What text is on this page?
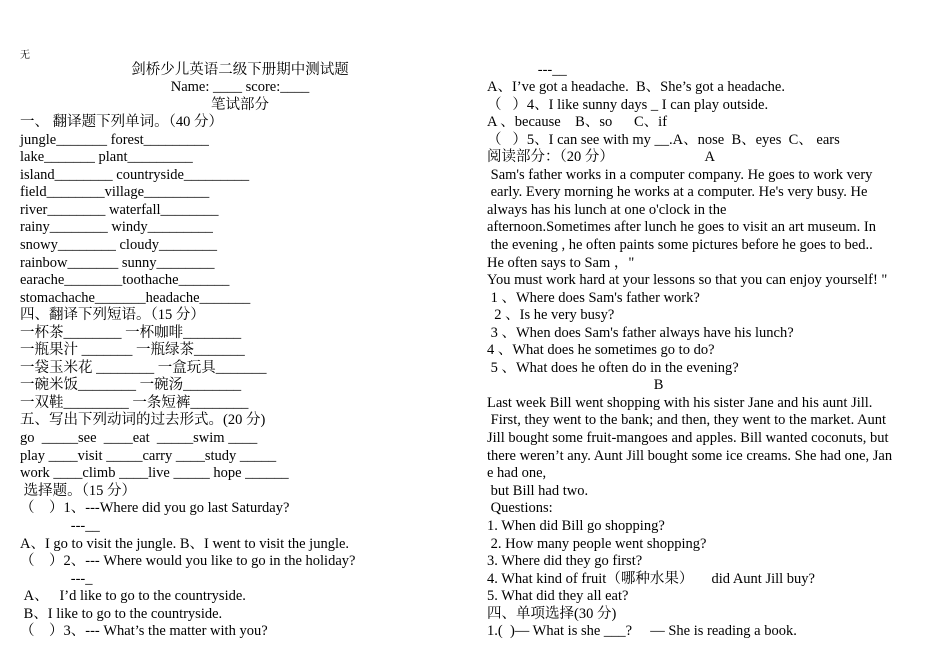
无
剑桥少儿英语二级下册期中测试题
Name: ____ score:____
笔试部分
一、 翻译题下列单词。（40 分）
jungle_______ forest_________
lake_______ plant_________
island________ countryside_________
field________village_________
river________ waterfall________
rainy________ windy_________
snowy________ cloudy________
rainbow_______ sunny________
earache________toothache_______
stomachache_______headache_______
四、翻译下列短语。（15 分）
一杯茶________ 一杯咖啡________
一瓶果汁 _______ 一瓶绿茶_______
一袋玉米花 ________ 一盒玩具_______
一碗米饭________ 一碗汤________
一双鞋_________ 一条短裤________
五、写出下列动词的过去形式。(20 分)
go  _____see  ____eat  _____swim ____
play ____visit _____carry ____study _____
work ____climb ____live _____ hope ______
选择题。（15 分）
（    ）1、---Where did you go last Saturday?
---__
A、I go to visit the jungle. B、I went to visit the jungle.
（    ）2、--- Where would you like to go in the holiday?
---_
A、   I’d like to go to the countryside.
B、I like to go to the countryside.
（    ）3、--- What’s the matter with you?
---__
A、I’ve got a headache.  B、She’s got a headache.
（   ）4、I like sunny days _ I can play outside.
A 、because    B、so      C、if
（   ）5、I can see with my __.A、nose  B、eyes  C、 ears
阅读部分：（20 分）                         A
Sam's father works in a computer company. He goes to work very
early. Every morning he works at a computer. He's very busy. He
always has his lunch at one o'clock in the
afternoon.Sometimes after lunch he goes to visit an art museum. In
the evening , he often paints some pictures before he goes to bed..
He often says to Sam ，"
You must work hard at your lessons so that you can enjoy yourself! "
1 、Where does Sam's father work?
2 、Is he very busy?
3 、When does Sam's father always have his lunch?
4 、What does he sometimes go to do?
5 、What does he often do in the evening?
B
Last week Bill went shopping with his sister Jane and his aunt Jill.
First, they went to the bank; and then, they went to the market. Aunt
Jill bought some fruit-mangoes and apples. Bill wanted coconuts, but
there weren’t any. Aunt Jill bought some ice creams. She had one, Jan
e had one,
but Bill had two.
Questions:
1. When did Bill go shopping?
2. How many people went shopping?
3. Where did they go first?
4. What kind of fruit（哪种水果）     did Aunt Jill buy?
5. What did they all eat?
四、单项选择(30 分)
1.(  )— What is she ___?     — She is reading a book.
